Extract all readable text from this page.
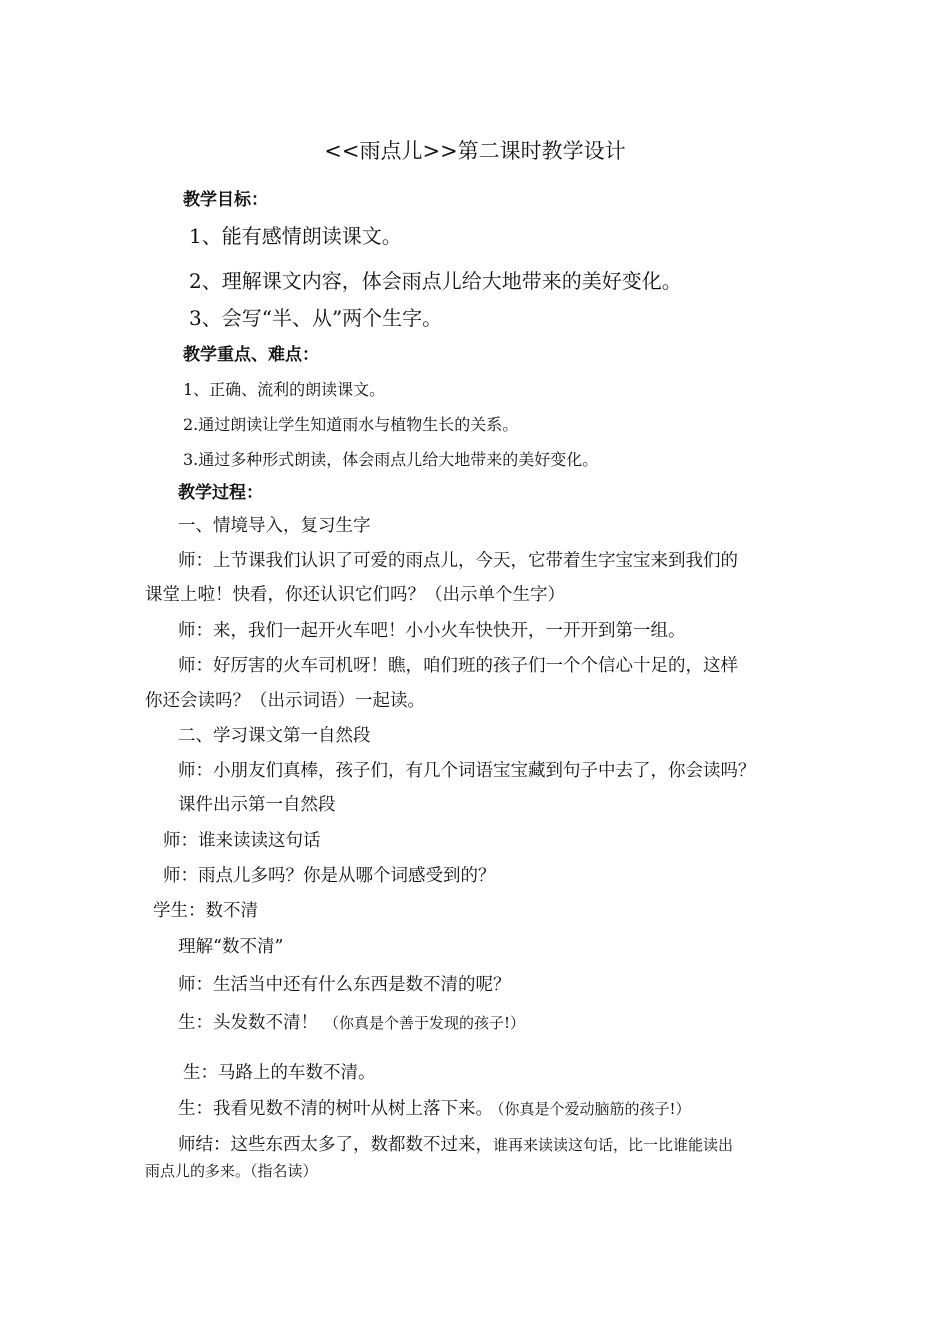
<<雨点儿>>第二课时教学设计
教学目标：
1、能有感情朗读课文。
2、理解课文内容，体会雨点儿给大地带来的美好变化。
3、会写“半、从”两个生字。
教学重点、难点：
1、正确、流利的朗读课文。
2.通过朗读让学生知道雨水与植物生长的关系。
3.通过多种形式朗读，体会雨点儿给大地带来的美好变化。
教学过程：
一、情境导入，复习生字
师：上节课我们认识了可爱的雨点儿，今天，它带着生字宝宝来到我们的
课堂上啦！快看，你还认识它们吗？（出示单个生字）
师：来，我们一起开火车吧！小小火车快快开，一开开到第一组。
师：好厉害的火车司机呀！瞧，咱们班的孩子们一个个信心十足的，这样
你还会读吗？（出示词语）一起读。
二、学习课文第一自然段
师：小朋友们真棒，孩子们，有几个词语宝宝藏到句子中去了，你会读吗？
课件出示第一自然段
师：谁来读读这句话
师：雨点儿多吗？你是从哪个词感受到的？
学生：数不清
理解“数不清”
师：生活当中还有什么东西是数不清的呢？
生：头发数不清！ （你真是个善于发现的孩子!）
生：马路上的车数不清。
生：我看见数不清的树叶从树上落下来。 （你真是个爱动脑筋的孩子!）
师结：这些东西太多了，数都数不过来，谁再来读读这句话，比一比谁能读出
雨点儿的多来。（指名读）
